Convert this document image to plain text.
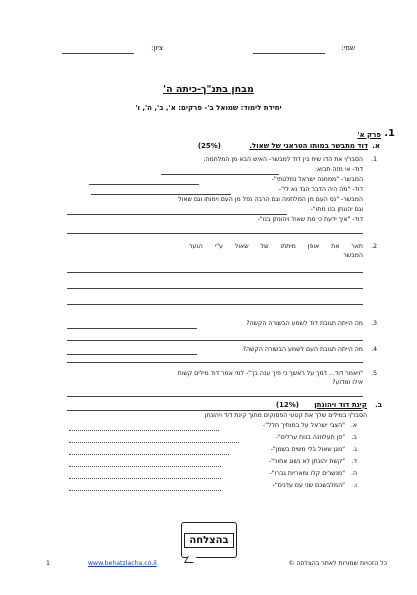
שמי:
ציון:
מבחן בתנ"ך-כיתה ה'
יחידת לימוד: שמואל ב'- פרקים: א', ב', ה', ו'
1.
פרק א'
א.
דוד מתבשר במותו הטראגי של שאול.
(25%)
1.
הסבר/י את הדו שיח בין דוד למבשר- האיש הבא מן המלחמה:
דוד- אי מזה תבוא:
המבשר- "ממחנה ישראל נמלטתי"-
דוד- "מה היה הדבר הגד נא לי"-
המבשר- "נס העם מן המלחמה וגם הרבה נפל מן העם וימותו וגם שאול
וגם יהונתן בנו מתו"-
דוד- "איך ידעת כי מת שאול ויהונתן בנו"-
2.
תאר את אופן מיתתו של שאול ע"י הנער
המבשר
3.
מה הייתה תגובת דוד לשמע הבשורה הקשה?
4.
מה הייתה תגובת העם לשמע הבשורה הקשה?
5.
"ויאמר דוד... דמך על ראשך כי פיך ענה בך"- למי אמר דוד מילים קשות
אילו ומדוע?
ב.
קינת דוד ויהונתן
(12%)
הסבר/י במילים שלך את קטעי הפסוקים מתוך קינת דוד ויהונתן
א.
"הצבי ישראל על במותיך חלל"-
ב.
"פן תעלוזנה בנות ערלים"-
ג.
"מגן שאול בלי משיח בשמן"-
ד.
"קשת יהונתן לא נשוג אחור"-
ה.
"מנשרים קלו ומאריות גברו"-
ו.
"המלבשכם שני עם עדנים"-
בהצלחה
כל הזכויות שמורות לאתר בהצלחה ©
www.behatzlacha.co.il
1
